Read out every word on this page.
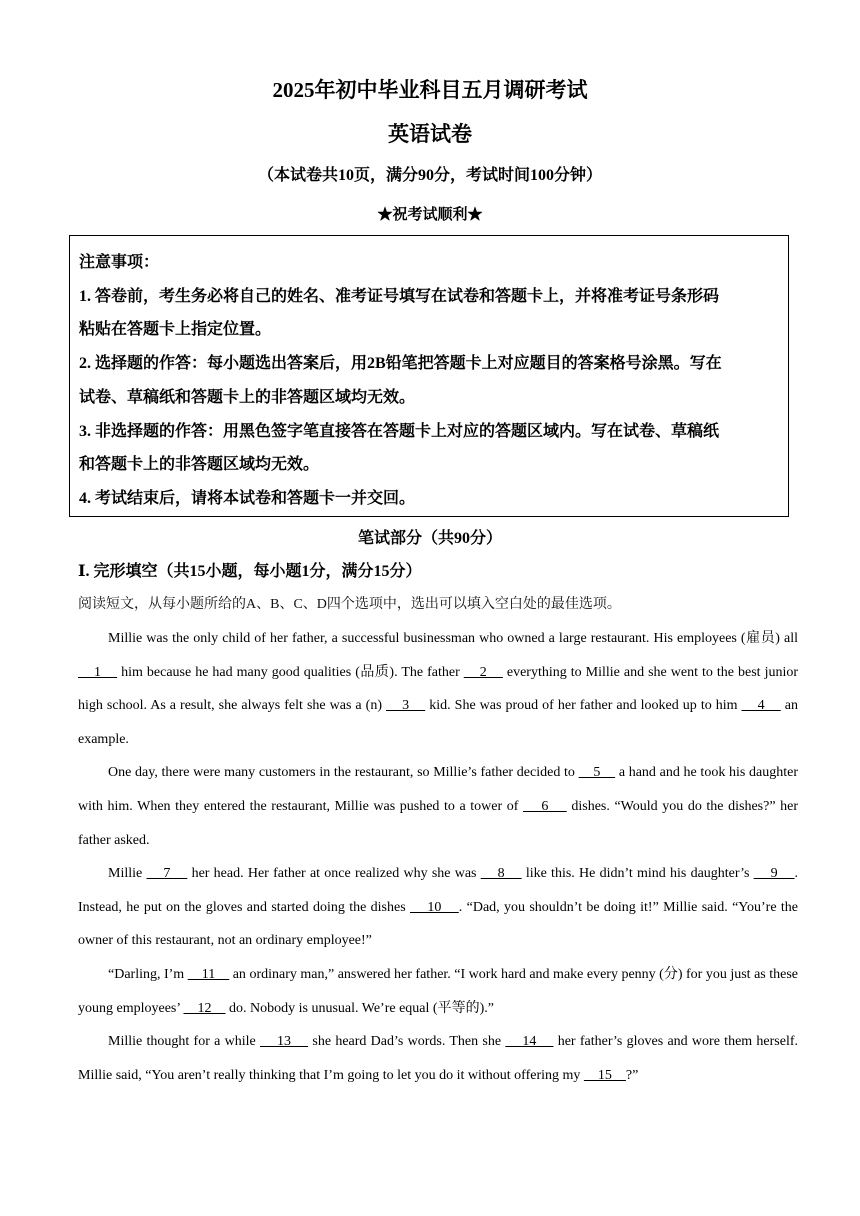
2025年初中毕业科目五月调研考试
英语试卷
（本试卷共10页，满分90分，考试时间100分钟）
★祝考试顺利★

注意事项：

1. 答卷前，考生务必将自己的姓名、准考证号填写在试卷和答题卡上，并将准考证号条形码

粘贴在答题卡上指定位置。

2. 选择题的作答：每小题选出答案后，用2B铅笔把答题卡上对应题目的答案格号涂黑。写在

试卷、草稿纸和答题卡上的非答题区域均无效。

3. 非选择题的作答：用黑色签字笔直接答在答题卡上对应的答题区域内。写在试卷、草稿纸

和答题卡上的非答题区域均无效。

4. 考试结束后，请将本试卷和答题卡一并交回。

笔试部分（共90分）
Ⅰ. 完形填空（共15小题，每小题1分，满分15分）
阅读短文，从每小题所给的A、B、C、D四个选项中，选出可以填入空白处的最佳选项。

Millie was the only child of her father, a successful businessman who owned a large restaurant. His employees (雇员) all     1     him because he had many good qualities (品质). The father     2     everything to Millie and she went to the best junior high school. As a result, she always felt she was a (n)     3     kid. She was proud of her father and looked up to him     4     an example.

One day, there were many customers in the restaurant, so Millie’s father decided to     5     a hand and he took his daughter with him. When they entered the restaurant, Millie was pushed to a tower of     6     dishes. “Would you do the dishes?” her father asked.

Millie     7     her head. Her father at once realized why she was     8     like this. He didn’t mind his daughter’s     9    . Instead, he put on the gloves and started doing the dishes     10    . “Dad, you shouldn’t be doing it!” Millie said. “You’re the owner of this restaurant, not an ordinary employee!”

“Darling, I’m     11     an ordinary man,” answered her father. “I work hard and make every penny (分) for you just as these young employees’     12     do. Nobody is unusual. We’re equal (平等的).”

Millie thought for a while     13     she heard Dad’s words. Then she     14     her father’s gloves and wore them herself. Millie said, “You aren’t really thinking that I’m going to let you do it without offering my     15    ?”
